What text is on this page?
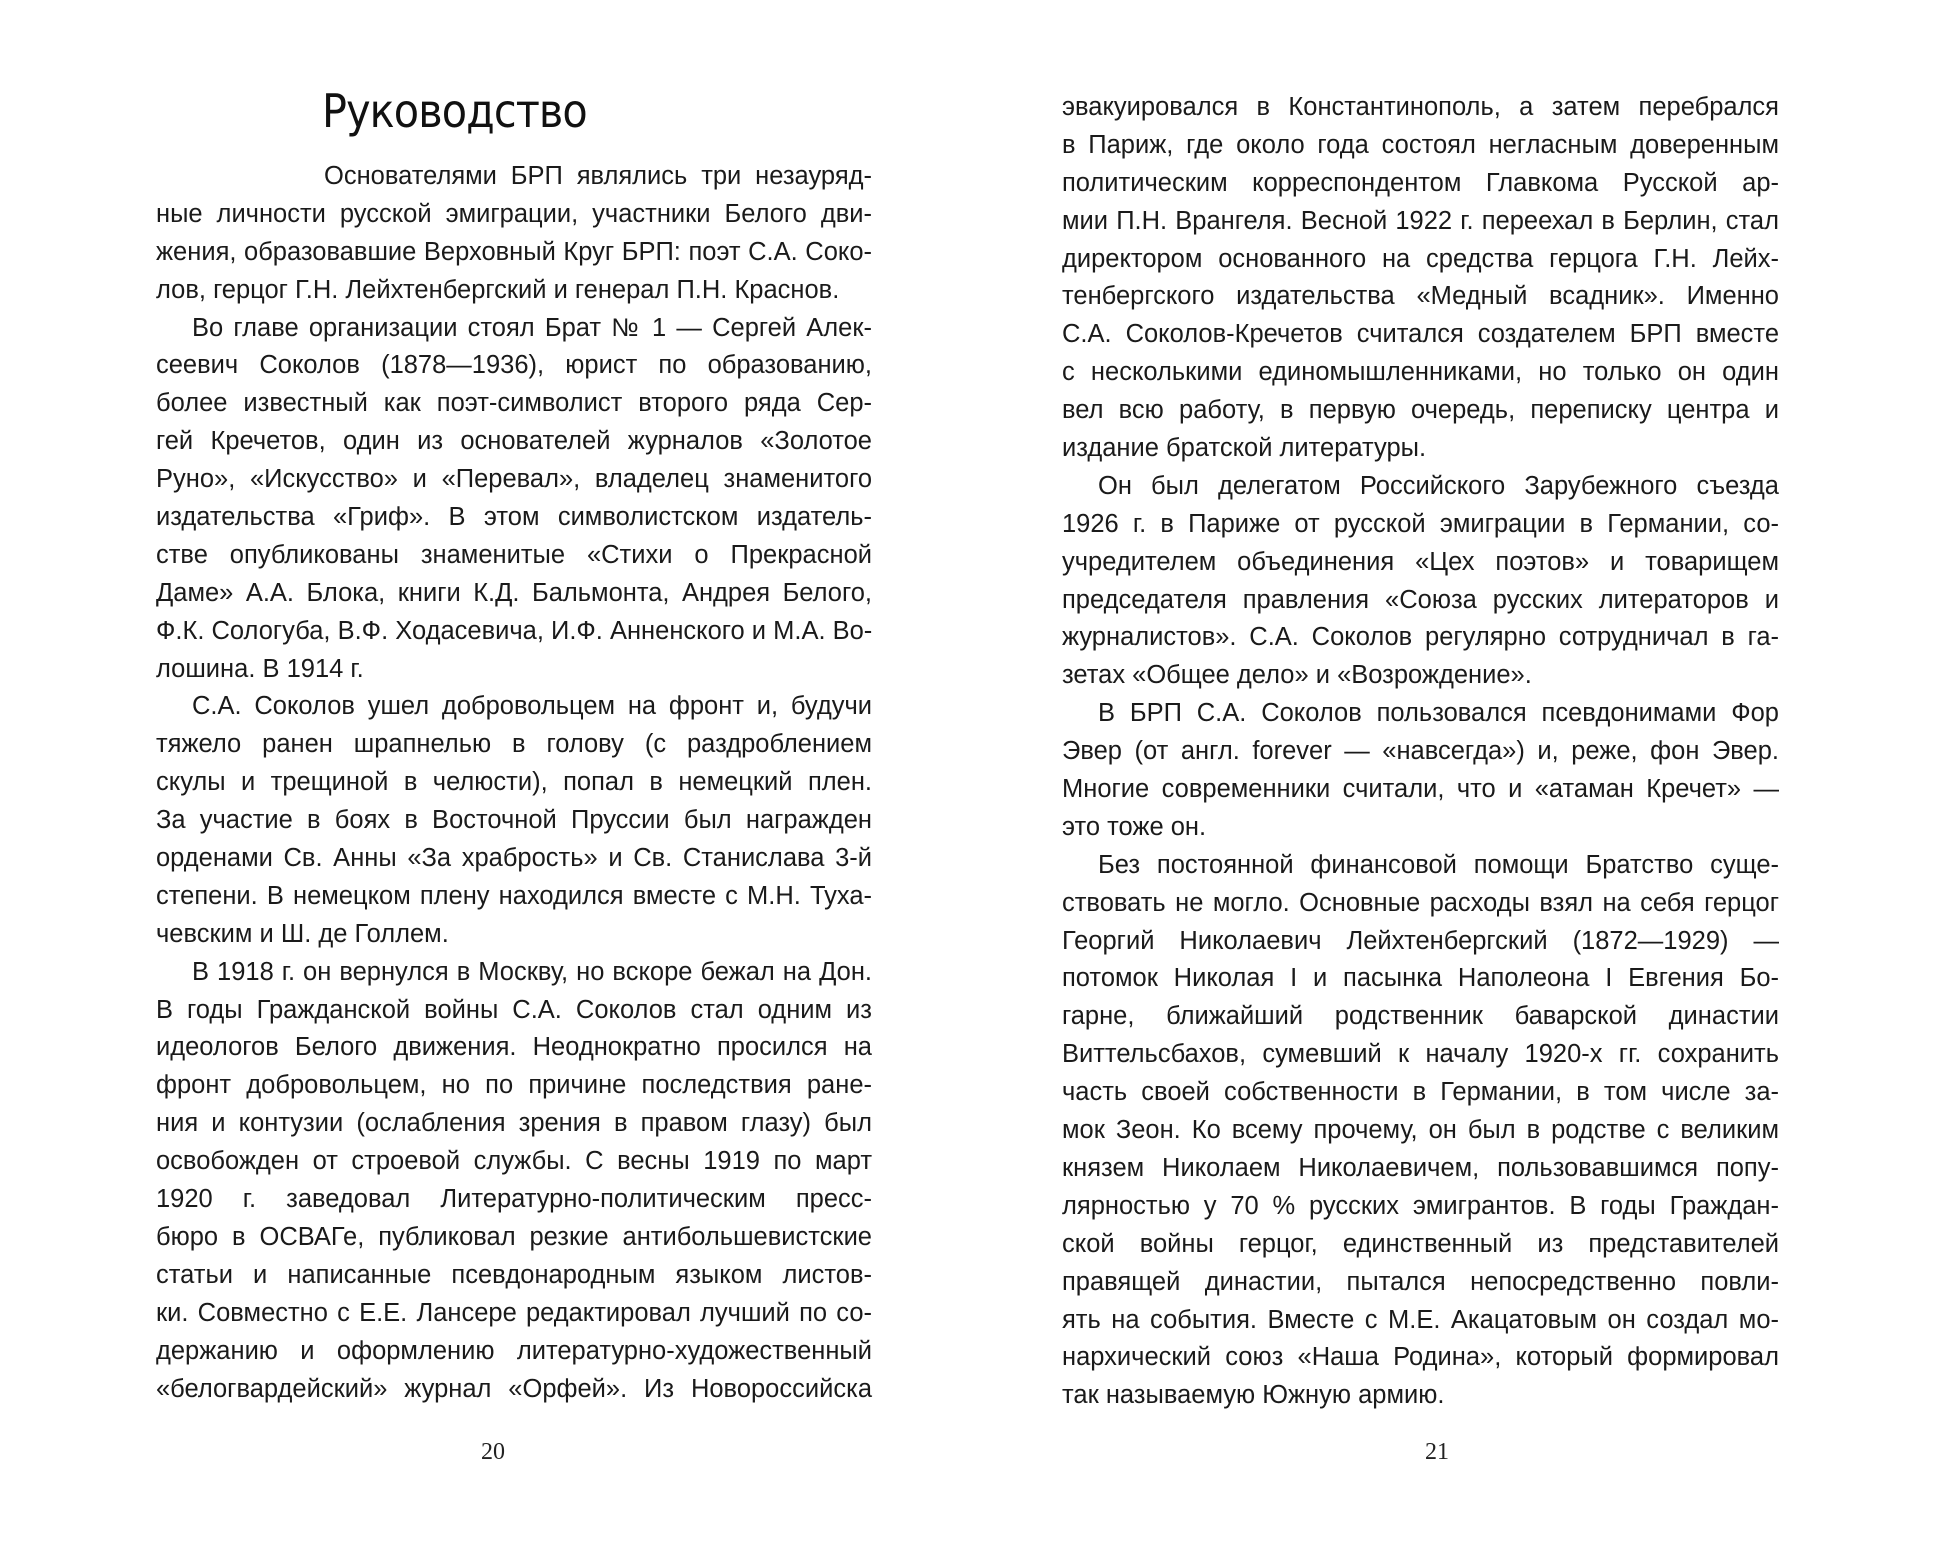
Руководство
Основателями БРП являлись три незауряд-
ные личности русской эмиграции, участники Белого дви-
жения, образовавшие Верховный Круг БРП: поэт С.А. Соко-
лов, герцог Г.Н. Лейхтенбергский и генерал П.Н. Краснов.
Во главе организации стоял Брат № 1 — Сергей Алек-
сеевич Соколов (1878—1936), юрист по образованию,
более известный как поэт-символист второго ряда Сер-
гей Кречетов, один из основателей журналов «Золотое
Руно», «Искусство» и «Перевал», владелец знаменитого
издательства «Гриф». В этом символистском издатель-
стве опубликованы знаменитые «Стихи о Прекрасной
Даме» А.А. Блока, книги К.Д. Бальмонта, Андрея Белого,
Ф.К. Сологуба, В.Ф. Ходасевича, И.Ф. Анненского и М.А. Во-
лошина. В 1914 г.
С.А. Соколов ушел добровольцем на фронт и, будучи
тяжело ранен шрапнелью в голову (с раздроблением
скулы и трещиной в челюсти), попал в немецкий плен.
За участие в боях в Восточной Пруссии был награжден
орденами Св. Анны «За храбрость» и Св. Станислава 3-й
степени. В немецком плену находился вместе с М.Н. Туха-
чевским и Ш. де Голлем.
В 1918 г. он вернулся в Москву, но вскоре бежал на Дон.
В годы Гражданской войны С.А. Соколов стал одним из
идеологов Белого движения. Неоднократно просился на
фронт добровольцем, но по причине последствия ране-
ния и контузии (ослабления зрения в правом глазу) был
освобожден от строевой службы. С весны 1919 по март
1920 г. заведовал Литературно-политическим пресс-
бюро в ОСВАГе, публиковал резкие антибольшевистские
статьи и написанные псевдонародным языком листов-
ки. Совместно с Е.Е. Лансере редактировал лучший по со-
держанию и оформлению литературно-художественный
«белогвардейский» журнал «Орфей». Из Новороссийска
20
эвакуировался в Константинополь, а затем перебрался
в Париж, где около года состоял негласным доверенным
политическим корреспондентом Главкома Русской ар-
мии П.Н. Врангеля. Весной 1922 г. переехал в Берлин, стал
директором основанного на средства герцога Г.Н. Лейх-
тенбергского издательства «Медный всадник». Именно
С.А. Соколов-Кречетов считался создателем БРП вместе
с несколькими единомышленниками, но только он один
вел всю работу, в первую очередь, переписку центра и
издание братской литературы.
Он был делегатом Российского Зарубежного съезда
1926 г. в Париже от русской эмиграции в Германии, со-
учредителем объединения «Цех поэтов» и товарищем
председателя правления «Союза русских литераторов и
журналистов». С.А. Соколов регулярно сотрудничал в га-
зетах «Общее дело» и «Возрождение».
В БРП С.А. Соколов пользовался псевдонимами Фор
Эвер (от англ. forever — «навсегда») и, реже, фон Эвер.
Многие современники считали, что и «атаман Кречет» —
это тоже он.
Без постоянной финансовой помощи Братство суще-
ствовать не могло. Основные расходы взял на себя герцог
Георгий Николаевич Лейхтенбергский (1872—1929) —
потомок Николая I и пасынка Наполеона I Евгения Бо-
гарне, ближайший родственник баварской династии
Виттельсбахов, сумевший к началу 1920-х гг. сохранить
часть своей собственности в Германии, в том числе за-
мок Зеон. Ко всему прочему, он был в родстве с великим
князем Николаем Николаевичем, пользовавшимся попу-
лярностью у 70 % русских эмигрантов. В годы Граждан-
ской войны герцог, единственный из представителей
правящей династии, пытался непосредственно повли-
ять на события. Вместе с М.Е. Акацатовым он создал мо-
нархический союз «Наша Родина», который формировал
так называемую Южную армию.
21
